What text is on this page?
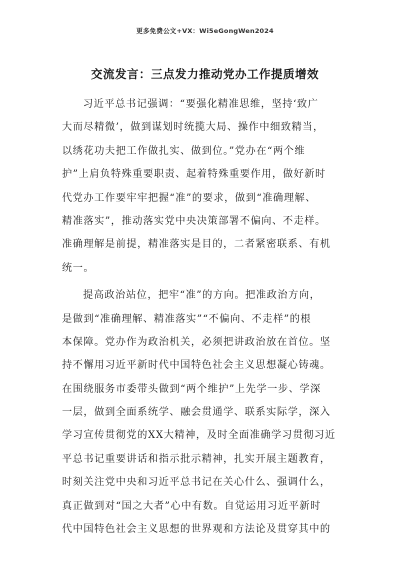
更多免费公文+VX：Wi5eGongWen2024
交流发言：三点发力推动党办工作提质增效
习近平总书记强调：“要强化精准思维，坚持‘致广
大而尽精微’，做到谋划时统揽大局、操作中细致精当，
以绣花功夫把工作做扎实、做到位。”党办在“两个维
护”上肩负特殊重要职责、起着特殊重要作用，做好新时
代党办工作要牢牢把握“准”的要求，做到“准确理解、
精准落实”，推动落实党中央决策部署不偏向、不走样。
准确理解是前提，精准落实是目的，二者紧密联系、有机
统一。
提高政治站位，把牢“准”的方向。把准政治方向，
是做到“准确理解、精准落实”“不偏向、不走样”的根
本保障。党办作为政治机关，必须把讲政治放在首位。坚
持不懈用习近平新时代中国特色社会主义思想凝心铸魂。
在围绕服务市委带头做到“两个维护”上先学一步、学深
一层，做到全面系统学、融会贯通学、联系实际学，深入
学习宣传贯彻党的XX大精神，及时全面准确学习贯彻习近
平总书记重要讲话和指示批示精神，扎实开展主题教育，
时刻关注党中央和习近平总书记在关心什么、强调什么，
真正做到对“国之大者”心中有数。自觉运用习近平新时
代中国特色社会主义思想的世界观和方法论及贯穿其中的
